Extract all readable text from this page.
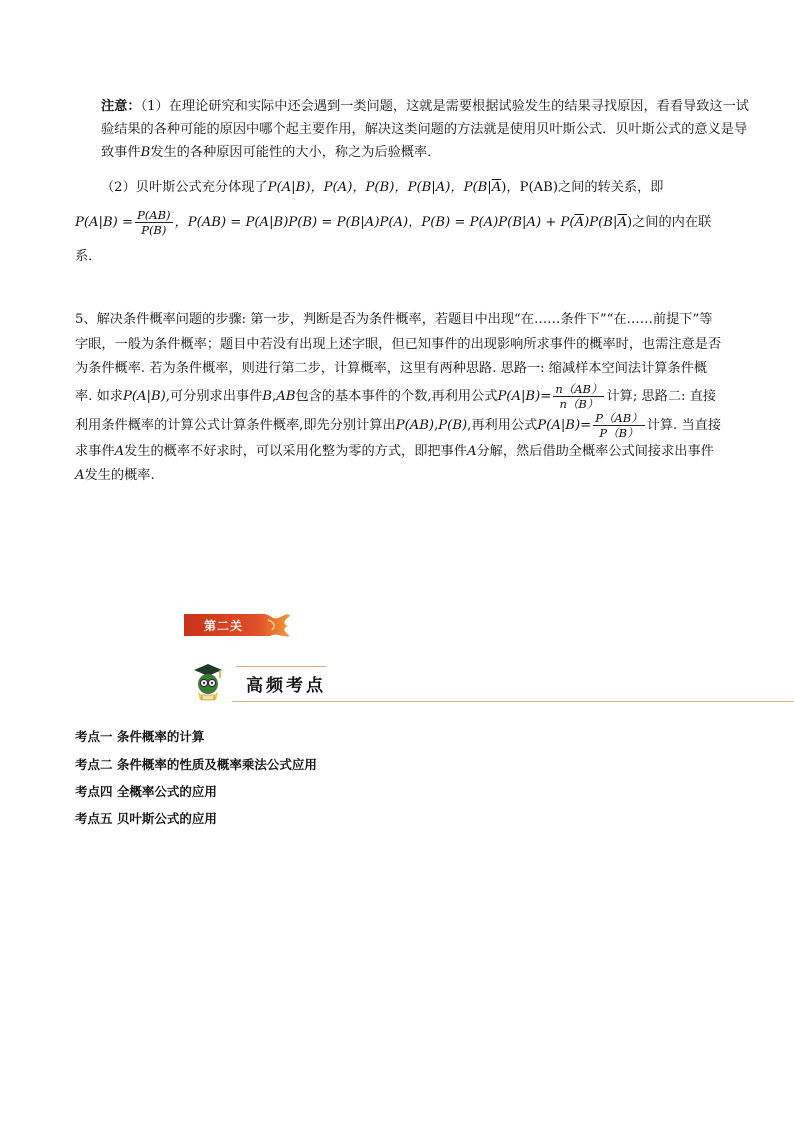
注意：（1）在理论研究和实际中还会遇到一类问题，这就是需要根据试验发生的结果寻找原因，看看导致这一试验结果的各种可能的原因中哪个起主要作用，解决这类问题的方法就是使用贝叶斯公式．贝叶斯公式的意义是导致事件B发生的各种原因可能性的大小，称之为后验概率．
（2）贝叶斯公式充分体现了P(A|B)，P(A)，P(B)，P(B|A)，$P(B|\overline{A})$，P(AB)之间的转关系，即
$P(A|B) = \frac{P(AB)}{P(B)}$ ，P(AB) = P(A|B)P(B) = P(B|A)P(A)，$P(B) = P(A)P(B|A) + P(\overline{A})P(B|\overline{A})$之间的内在联系．
5、解决条件概率问题的步骤: 第一步，判断是否为条件概率，若题目中出现“在……条件下”“在……前提下”等字眼，一般为条件概率；题目中若没有出现上述字眼，但已知事件的出现影响所求事件的概率时，也需注意是否为条件概率. 若为条件概率，则进行第二步，计算概率，这里有两种思路. 思路一: 缩减样本空间法计算条件概率. 如求P(A|B),可分别求出事件B,AB包含的基本事件的个数,再利用公式$P(A|B)= \frac{n(AB)}{n(B)}$ 计算; 思路二: 直接利用条件概率的计算公式计算条件概率,即先分别计算出P(AB),P(B),再利用公式$P(A|B)= \frac{P(AB)}{P(B)}$ 计算. 当直接求事件A发生的概率不好求时，可以采用化整为零的方式，即把事件A分解，然后借助全概率公式间接求出事件A发生的概率.
第二关
高频考点
考点一 条件概率的计算
考点二 条件概率的性质及概率乘法公式应用
考点四 全概率公式的应用
考点五 贝叶斯公式的应用
